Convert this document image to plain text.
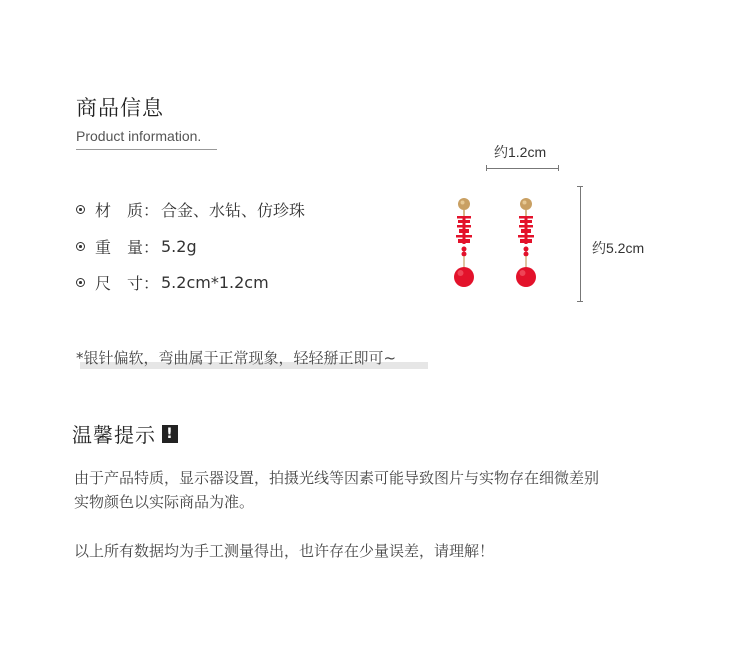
商品信息
Product information.
材 质： 合金、水钻、仿珍珠
重 量： 5.2g
尺 寸： 5.2cm*1.2cm
约1.2cm
约5.2cm
*银针偏软，弯曲属于正常现象，轻轻掰正即可~
温馨提示 !
由于产品特质，显示器设置，拍摄光线等因素可能导致图片与实物存在细微差别
实物颜色以实际商品为准。
以上所有数据均为手工测量得出，也许存在少量误差，请理解！
